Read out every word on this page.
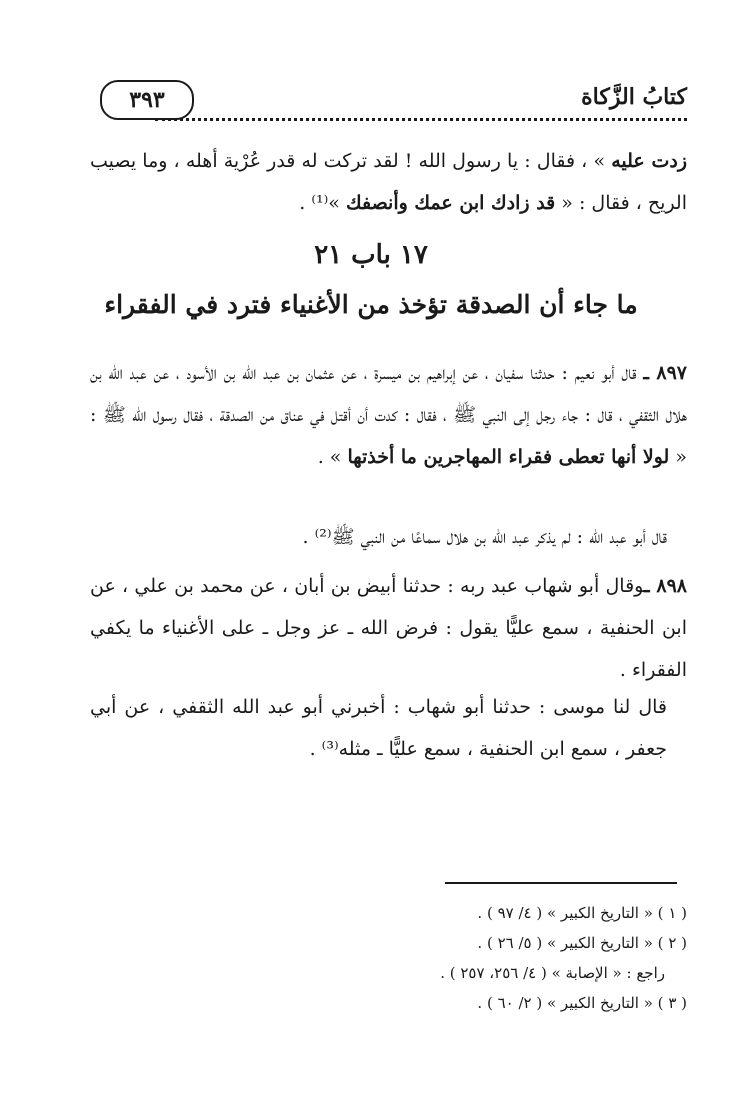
٣٩٣	كتابُ الزَّكاة
زدت عليه » ، فقال : يا رسول الله ! لقد تركت له قدر عُرْية أهله ، وما يصيب الريح ، فقال : « قد زادك ابن عمك وأنصفك »⁽¹⁾ .
١٧ باب ٢١
ما جاء أن الصدقة تؤخذ من الأغنياء فترد في الفقراء
٨٩٧ ـ قال أبو نعيم : حدثنا سفيان ، عن إبراهيم بن ميسرة ، عن عثمان بن عبد الله بن الأسود ، عن عبد الله بن هلال الثقفي ، قال : جاء رجل إلى النبي ﷺ ، فقال : كدت أن أقتل في عناق من الصدقة ، فقال رسول الله ﷺ : « لولا أنها تعطى فقراء المهاجرين ما أخذتها » .
قال أبو عبد الله : لم يذكر عبد الله بن هلال سماعًا من النبي ﷺ⁽²⁾ .
٨٩٨ ـوقال أبو شهاب عبد ربه : حدثنا أبيض بن أبان ، عن محمد بن علي ، عن ابن الحنفية ، سمع عليًّا يقول : فرض الله ـ عز وجل ـ على الأغنياء ما يكفي الفقراء .
قال لنا موسى : حدثنا أبو شهاب : أخبرني أبو عبد الله الثقفي ، عن أبي جعفر ، سمع ابن الحنفية ، سمع عليًّا ـ مثله⁽³⁾ .
( ١ ) « التاريخ الكبير » ( ٤/ ٩٧ ) .
( ٢ ) « التاريخ الكبير » ( ٥/ ٢٦ ) .
راجع : « الإصابة » ( ٤/ ٢٥٦، ٢٥٧ ) .
( ٣ ) « التاريخ الكبير » ( ٢/ ٦٠ ) .
